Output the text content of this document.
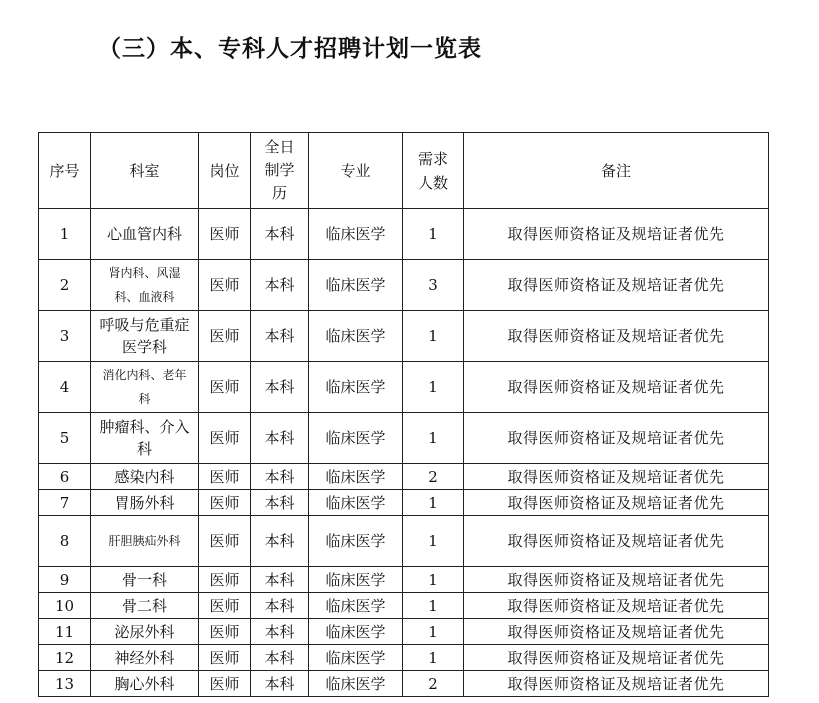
（三）本、专科人才招聘计划一览表
序号	科室	岗位	全日制学历	专业	需求人数	备注
1	心血管内科	医师	本科	临床医学	1	取得医师资格证及规培证者优先
2	肾内科、风湿科、血液科	医师	本科	临床医学	3	取得医师资格证及规培证者优先
3	呼吸与危重症医学科	医师	本科	临床医学	1	取得医师资格证及规培证者优先
4	消化内科、老年科	医师	本科	临床医学	1	取得医师资格证及规培证者优先
5	肿瘤科、介入科	医师	本科	临床医学	1	取得医师资格证及规培证者优先
6	感染内科	医师	本科	临床医学	2	取得医师资格证及规培证者优先
7	胃肠外科	医师	本科	临床医学	1	取得医师资格证及规培证者优先
8	肝胆胰疝外科	医师	本科	临床医学	1	取得医师资格证及规培证者优先
9	骨一科	医师	本科	临床医学	1	取得医师资格证及规培证者优先
10	骨二科	医师	本科	临床医学	1	取得医师资格证及规培证者优先
11	泌尿外科	医师	本科	临床医学	1	取得医师资格证及规培证者优先
12	神经外科	医师	本科	临床医学	1	取得医师资格证及规培证者优先
13	胸心外科	医师	本科	临床医学	2	取得医师资格证及规培证者优先
